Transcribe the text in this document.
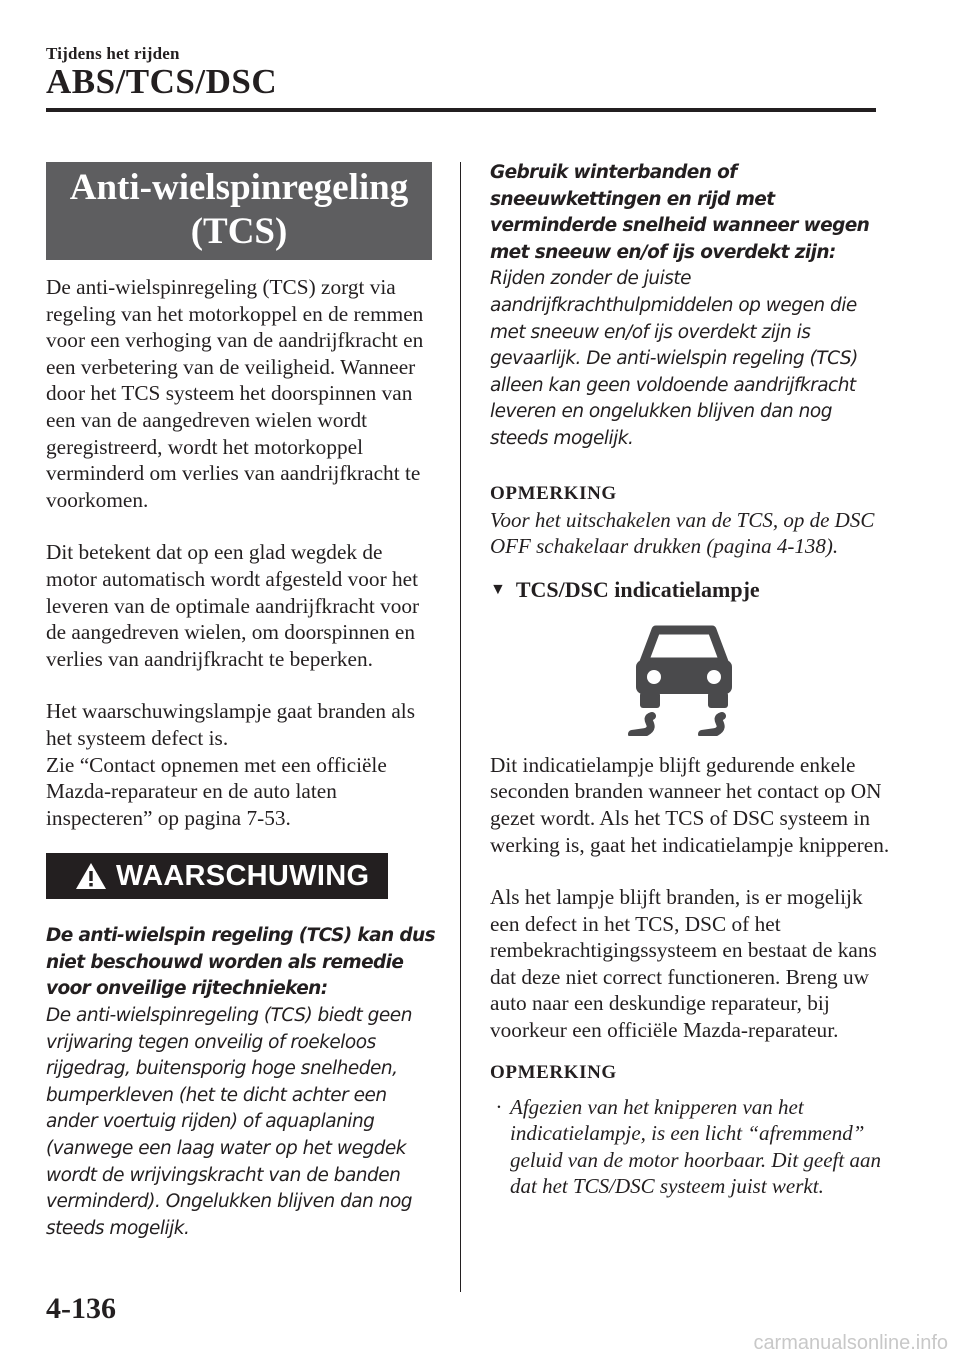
Tijdens het rijden
ABS/TCS/DSC
Anti-wielspinregeling
(TCS)

De anti-wielspinregeling (TCS) zorgt via regeling van het motorkoppel en de remmen voor een verhoging van de aandrijfkracht en een verbetering van de veiligheid. Wanneer door het TCS systeem het doorspinnen van een van de aangedreven wielen wordt geregistreerd, wordt het motorkoppel verminderd om verlies van aandrijfkracht te voorkomen.

Dit betekent dat op een glad wegdek de motor automatisch wordt afgesteld voor het leveren van de optimale aandrijfkracht voor de aangedreven wielen, om doorspinnen en verlies van aandrijfkracht te beperken.

Het waarschuwingslampje gaat branden als het systeem defect is.

Zie “Contact opnemen met een officiële Mazda-reparateur en de auto laten inspecteren” op pagina 7-53.

WAARSCHUWING

De anti-wielspin regeling (TCS) kan dus niet beschouwd worden als remedie voor onveilige rijtechnieken:

De anti-wielspinregeling (TCS) biedt geen vrijwaring tegen onveilig of roekeloos rijgedrag, buitensporig hoge snelheden, bumperkleven (het te dicht achter een ander voertuig rijden) of aquaplaning (vanwege een laag water op het wegdek wordt de wrijvingskracht van de banden verminderd). Ongelukken blijven dan nog steeds mogelijk.

Gebruik winterbanden of sneeuwkettingen en rijd met verminderde snelheid wanneer wegen met sneeuw en/of ijs overdekt zijn:

Rijden zonder de juiste aandrijfkrachthulpmiddelen op wegen die met sneeuw en/of ijs overdekt zijn is gevaarlijk. De anti-wielspin regeling (TCS) alleen kan geen voldoende aandrijfkracht leveren en ongelukken blijven dan nog steeds mogelijk.

OPMERKING

Voor het uitschakelen van de TCS, op de DSC OFF schakelaar drukken (pagina 4-138).

▼ TCS/DSC indicatielampje

Dit indicatielampje blijft gedurende enkele seconden branden wanneer het contact op ON gezet wordt. Als het TCS of DSC systeem in werking is, gaat het indicatielampje knipperen.

Als het lampje blijft branden, is er mogelijk een defect in het TCS, DSC of het rembekrachtigingssysteem en bestaat de kans dat deze niet correct functioneren. Breng uw auto naar een deskundige reparateur, bij voorkeur een officiële Mazda-reparateur.

OPMERKING

· Afgezien van het knipperen van het indicatielampje, is een licht “afremmend” geluid van de motor hoorbaar. Dit geeft aan dat het TCS/DSC systeem juist werkt.
4-136
carmanualsonline.info
